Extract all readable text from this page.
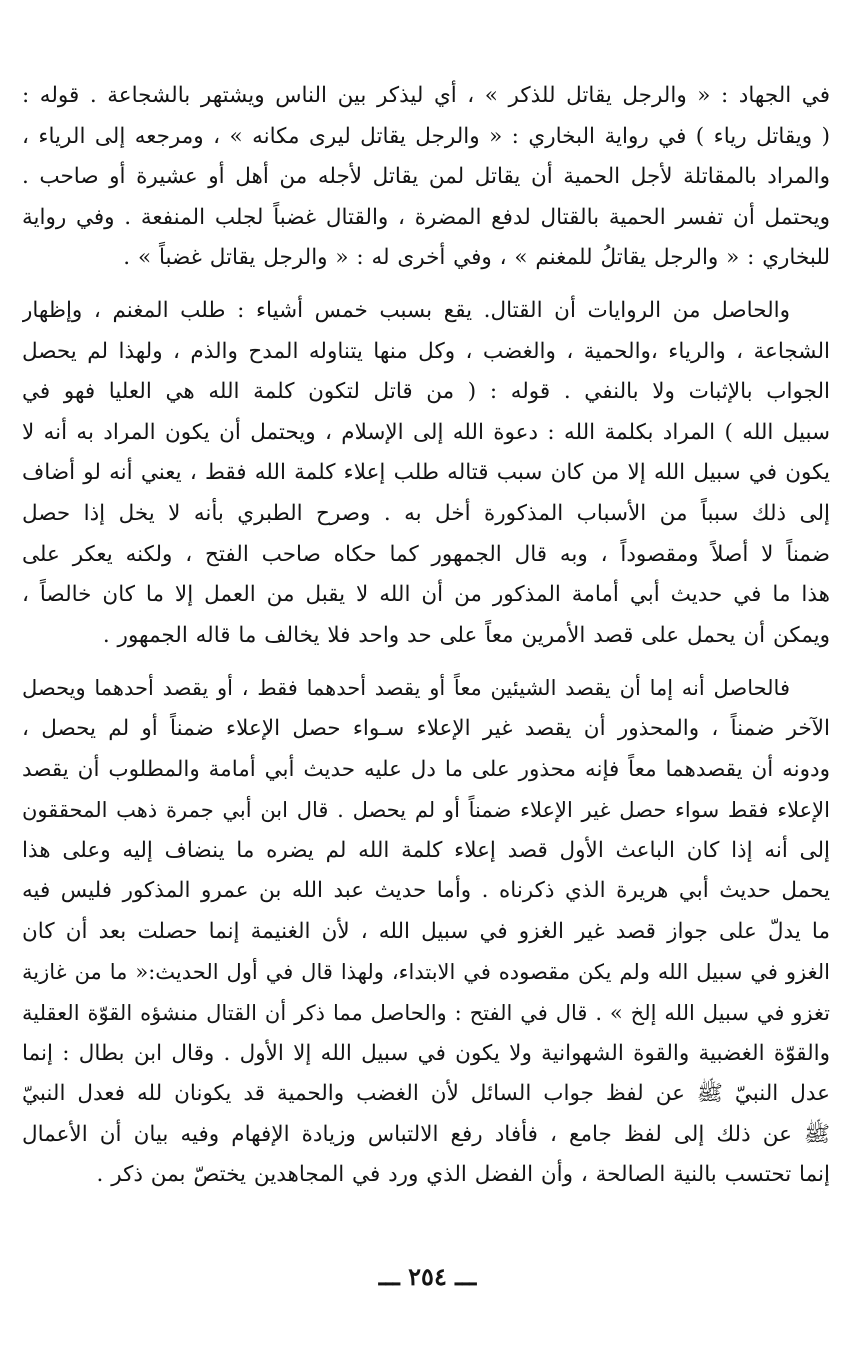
في الجهاد : « والرجل يقاتل للذكر » ، أي ليذكر بين الناس ويشتهر بالشجاعة . قوله :
( ويقاتل رياء ) في رواية البخاري : « والرجل يقاتل ليرى مكانه » ، ومرجعه إلى الرياء ،
والمراد بالمقاتلة لأجل الحمية أن يقاتل لمن يقاتل لأجله من أهل أو عشيرة أو صاحب .
ويحتمل أن تفسر الحمية بالقتال لدفع المضرة ، والقتال غضباً لجلب المنفعة . وفي رواية
للبخاري : « والرجل يقاتلُ للمغنم » ، وفي أخرى له : « والرجل يقاتل غضباً » .

والحاصل من الروايات أن القتال. يقع بسبب خمس أشياء : طلب المغنم ، وإظهار
الشجاعة ، والرياء ،والحمية ، والغضب ، وكل منها يتناوله المدح والذم ، ولهذا لم يحصل
الجواب بالإثبات ولا بالنفي . قوله : ( من قاتل لتكون كلمة الله هي العليا فهو في
سبيل الله ) المراد بكلمة الله : دعوة الله إلى الإسلام ، ويحتمل أن يكون المراد به أنه لا
يكون في سبيل الله إلا من كان سبب قتاله طلب إعلاء كلمة الله فقط ، يعني أنه لو أضاف
إلى ذلك سبباً من الأسباب المذكورة أخل به . وصرح الطبري بأنه لا يخل إذا حصل
ضمناً لا أصلاً ومقصوداً ، وبه قال الجمهور كما حكاه صاحب الفتح ، ولكنه يعكر على
هذا ما في حديث أبي أمامة المذكور من أن الله لا يقبل من العمل إلا ما كان خالصاً ،
ويمكن أن يحمل على قصد الأمرين معاً على حد واحد فلا يخالف ما قاله الجمهور .

فالحاصل أنه إما أن يقصد الشيئين معاً أو يقصد أحدهما فقط ، أو يقصد أحدهما ويحصل
الآخر ضمناً ، والمحذور أن يقصد غير الإعلاء سـواء حصل الإعلاء ضمناً أو لم يحصل ،
ودونه أن يقصدهما معاً فإنه محذور على ما دل عليه حديث أبي أمامة والمطلوب أن يقصد
الإعلاء فقط سواء حصل غير الإعلاء ضمناً أو لم يحصل . قال ابن أبي جمرة ذهب المحققون
إلى أنه إذا كان الباعث الأول قصد إعلاء كلمة الله لم يضره ما ينضاف إليه وعلى هذا
يحمل حديث أبي هريرة الذي ذكرناه . وأما حديث عبد الله بن عمرو المذكور فليس فيه
ما يدلّ على جواز قصد غير الغزو في سبيل الله ، لأن الغنيمة إنما حصلت بعد أن كان
الغزو في سبيل الله ولم يكن مقصوده في الابتداء، ولهذا قال في أول الحديث:« ما من غازية
تغزو في سبيل الله إلخ » . قال في الفتح : والحاصل مما ذكر أن القتال منشؤه القوّة العقلية
والقوّة الغضبية والقوة الشهوانية ولا يكون في سبيل الله إلا الأول . وقال ابن بطال : إنما
عدل النبيّ ﷺ عن لفظ جواب السائل لأن الغضب والحمية قد يكونان لله فعدل النبيّ
ﷺ عن ذلك إلى لفظ جامع ، فأفاد رفع الالتباس وزيادة الإفهام وفيه بيان أن الأعمال
إنما تحتسب بالنية الصالحة ، وأن الفضل الذي ورد في المجاهدين يختصّ بمن ذكر .

ـــ ٢٥٤ ـــ
